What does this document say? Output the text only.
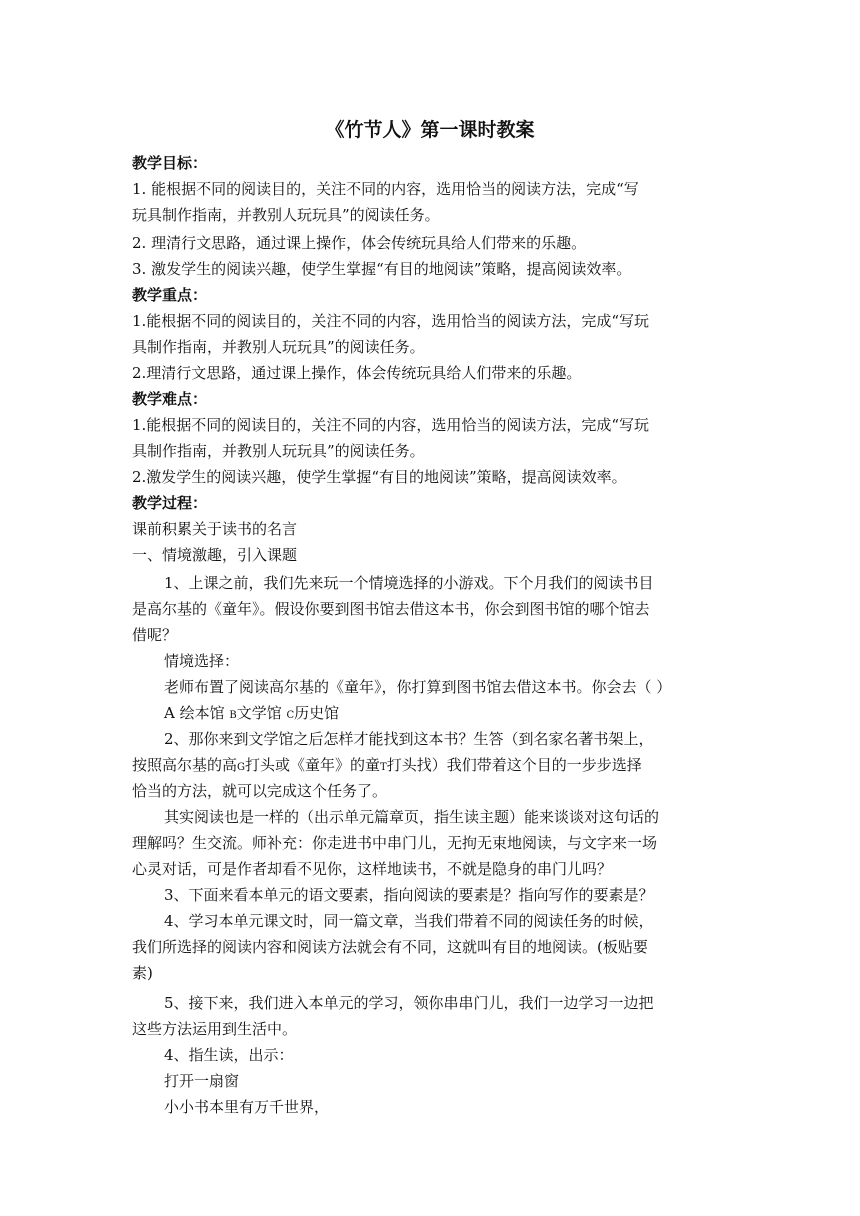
《竹节人》第一课时教案
教学目标：
1. 能根据不同的阅读目的，关注不同的内容，选用恰当的阅读方法，完成“写
玩具制作指南，并教别人玩玩具”的阅读任务。
2. 理清行文思路，通过课上操作，体会传统玩具给人们带来的乐趣。
3. 激发学生的阅读兴趣，使学生掌握“有目的地阅读”策略，提高阅读效率。
教学重点：
1.能根据不同的阅读目的，关注不同的内容，选用恰当的阅读方法，完成“写玩
具制作指南，并教别人玩玩具”的阅读任务。
2.理清行文思路，通过课上操作，体会传统玩具给人们带来的乐趣。
教学难点：
1.能根据不同的阅读目的，关注不同的内容，选用恰当的阅读方法，完成“写玩
具制作指南，并教别人玩玩具”的阅读任务。
2.激发学生的阅读兴趣，使学生掌握“有目的地阅读”策略，提高阅读效率。
教学过程：
课前积累关于读书的名言
一、情境激趣，引入课题
1、上课之前，我们先来玩一个情境选择的小游戏。下个月我们的阅读书目
是高尔基的《童年》。假设你要到图书馆去借这本书，你会到图书馆的哪个馆去
借呢？
情境选择：
老师布置了阅读高尔基的《童年》，你打算到图书馆去借这本书。你会去（ ）
A 绘本馆 B文学馆 C历史馆
2、那你来到文学馆之后怎样才能找到这本书？生答（到名家名著书架上，
按照高尔基的高G打头或《童年》的童T打头找）我们带着这个目的一步步选择
恰当的方法，就可以完成这个任务了。
其实阅读也是一样的（出示单元篇章页，指生读主题）能来谈谈对这句话的
理解吗？生交流。师补充：你走进书中串门儿，无拘无束地阅读，与文字来一场
心灵对话，可是作者却看不见你，这样地读书，不就是隐身的串门儿吗？
3、下面来看本单元的语文要素，指向阅读的要素是？指向写作的要素是？
4、学习本单元课文时，同一篇文章，当我们带着不同的阅读任务的时候，
我们所选择的阅读内容和阅读方法就会有不同，这就叫有目的地阅读。(板贴要
素)
5、接下来，我们进入本单元的学习，领你串串门儿，我们一边学习一边把
这些方法运用到生活中。
4、指生读，出示：
打开一扇窗
小小书本里有万千世界，
